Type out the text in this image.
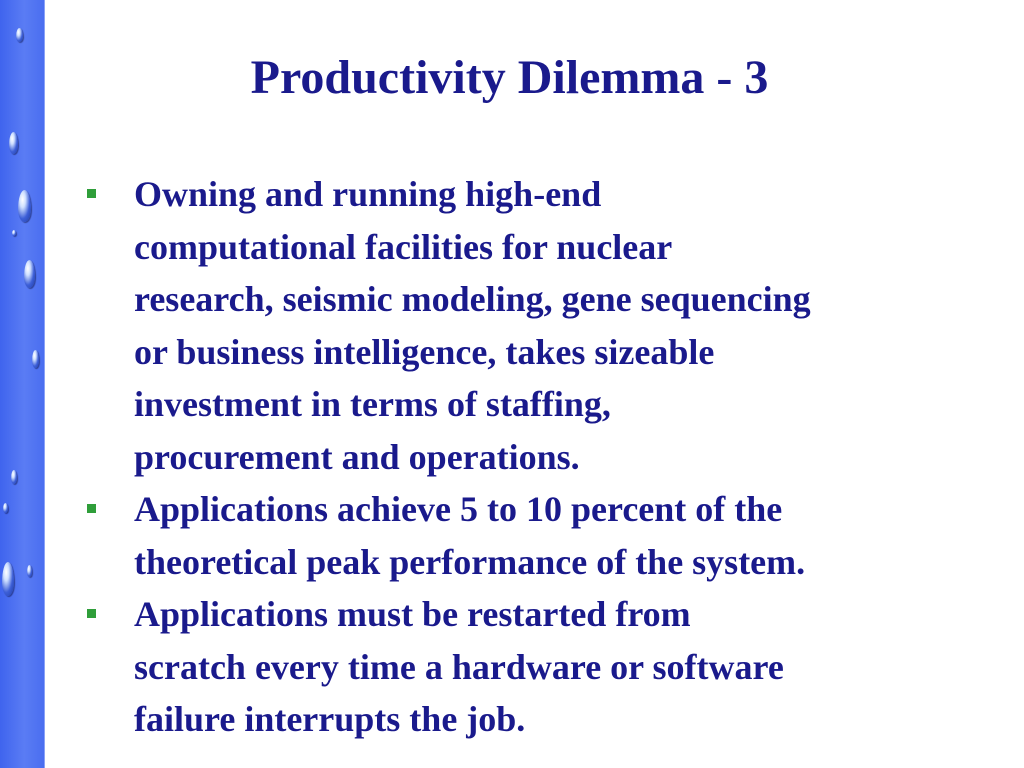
Productivity Dilemma - 3
Owning and running high-end
computational facilities for nuclear
research, seismic modeling, gene sequencing
or business intelligence, takes sizeable
investment in terms of staffing,
procurement and operations.
Applications achieve 5 to 10 percent of the
theoretical peak performance of the system.
Applications must be restarted from
scratch every time a hardware or software
failure interrupts the job.
